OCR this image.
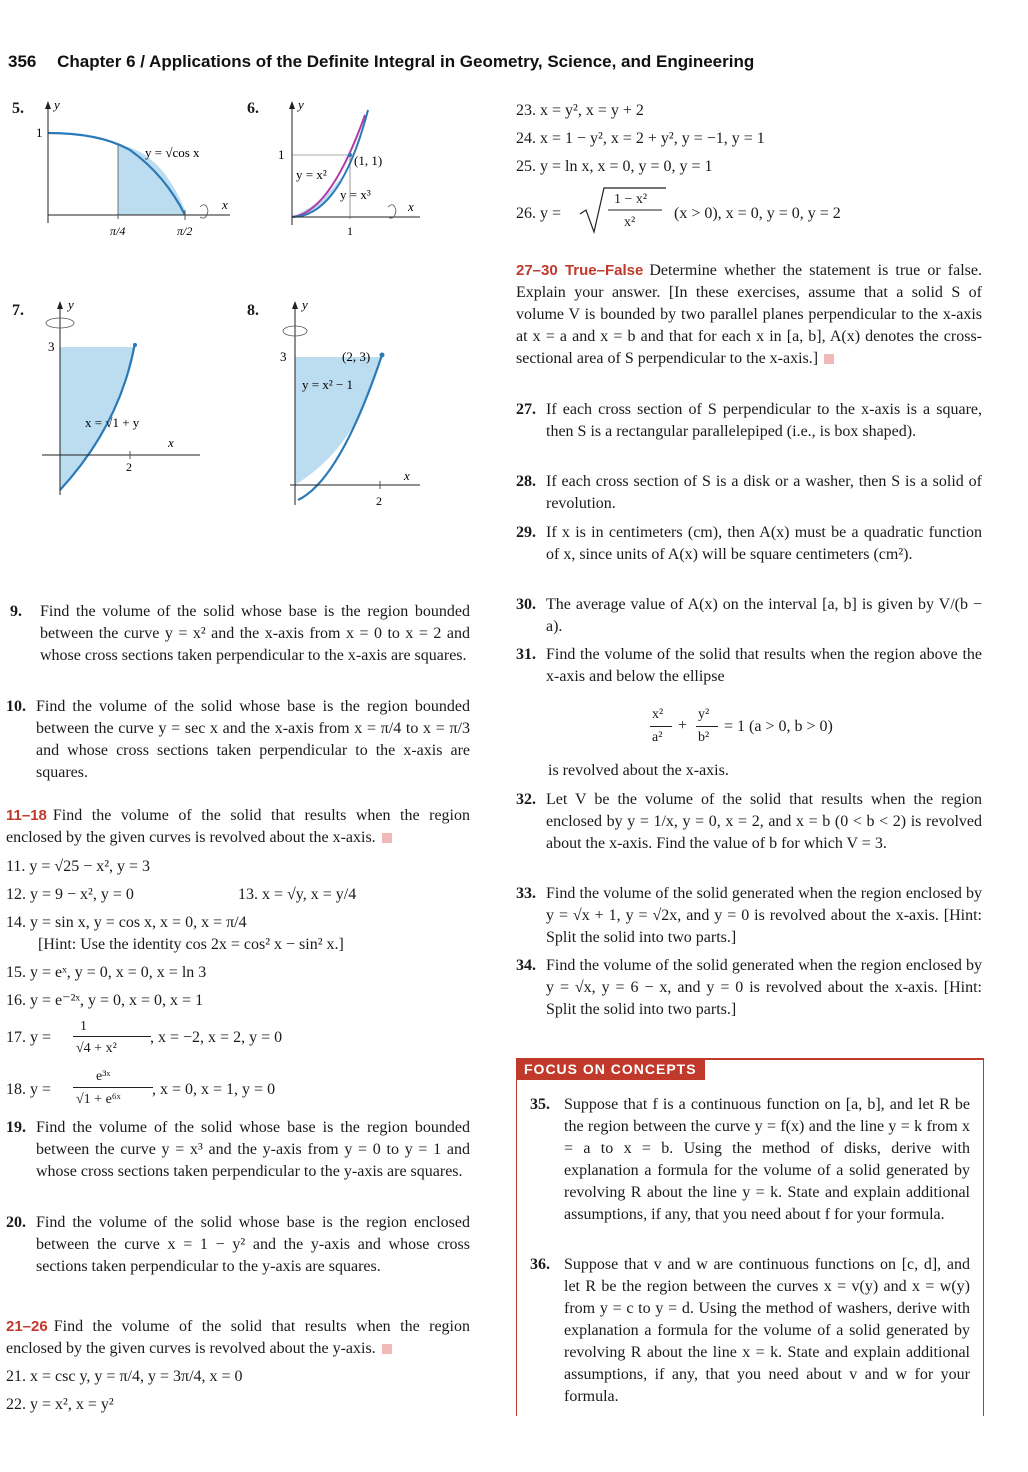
356 Chapter 6 / Applications of the Definite Integral in Geometry, Science, and Engineering
5. y
1
y = √cos x
π/4	π/2
x
6.	y
1
y = x²
y = x³
(1, 1)
1
x
7.	y
3
x = √1 + y
2
x
8.	y
3	(2, 3)
y = x² − 1
2
x
9. Find the volume of the solid whose base is the region bounded between the curve y = x² and the x-axis from x = 0 to x = 2 and whose cross sections taken perpendicular to the x-axis are squares.
10. Find the volume of the solid whose base is the region bounded between the curve y = sec x and the x-axis from x = π/4 to x = π/3 and whose cross sections taken perpendicular to the x-axis are squares.
11–18 Find the volume of the solid that results when the region enclosed by the given curves is revolved about the x-axis.
11. y = √25 − x², y = 3
12. y = 9 − x², y = 0	13. x = √y, x = y/4
14. y = sin x, y = cos x, x = 0, x = π/4
[Hint: Use the identity cos 2x = cos² x − sin² x.]
15. y = eˣ, y = 0, x = 0, x = ln 3
16. y = e⁻²ˣ, y = 0, x = 0, x = 1
17. y =
1
√4 + x²
, x = −2, x = 2, y = 0
18. y =
e³ˣ
√1 + e⁶ˣ
, x = 0, x = 1, y = 0
19. Find the volume of the solid whose base is the region bounded between the curve y = x³ and the y-axis from y = 0 to y = 1 and whose cross sections taken perpendicular to the y-axis are squares.
20. Find the volume of the solid whose base is the region enclosed between the curve x = 1 − y² and the y-axis and whose cross sections taken perpendicular to the y-axis are squares.
21–26 Find the volume of the solid that results when the region enclosed by the given curves is revolved about the y-axis.
21. x = csc y, y = π/4, y = 3π/4, x = 0
22. y = x², x = y²
23. x = y², x = y + 2
24. x = 1 − y², x = 2 + y², y = −1, y = 1
25. y = ln x, x = 0, y = 0, y = 1
26. y =
1 − x²
x²
(x > 0), x = 0, y = 0, y = 2
27–30 True–False Determine whether the statement is true or false. Explain your answer. [In these exercises, assume that a solid S of volume V is bounded by two parallel planes perpendicular to the x-axis at x = a and x = b and that for each x in [a, b], A(x) denotes the cross-sectional area of S perpendicular to the x-axis.]
27. If each cross section of S perpendicular to the x-axis is a square, then S is a rectangular parallelepiped (i.e., is box shaped).
28. If each cross section of S is a disk or a washer, then S is a solid of revolution.
29. If x is in centimeters (cm), then A(x) must be a quadratic function of x, since units of A(x) will be square centimeters (cm²).
30. The average value of A(x) on the interval [a, b] is given by V/(b − a).
31. Find the volume of the solid that results when the region above the x-axis and below the ellipse
x²
a²
+
y²
b²
= 1 (a > 0, b > 0)
is revolved about the x-axis.
32. Let V be the volume of the solid that results when the region enclosed by y = 1/x, y = 0, x = 2, and x = b (0 < b < 2) is revolved about the x-axis. Find the value of b for which V = 3.
33. Find the volume of the solid generated when the region enclosed by y = √x + 1, y = √2x, and y = 0 is revolved about the x-axis. [Hint: Split the solid into two parts.]
34. Find the volume of the solid generated when the region enclosed by y = √x, y = 6 − x, and y = 0 is revolved about the x-axis. [Hint: Split the solid into two parts.]
FOCUS ON CONCEPTS
35. Suppose that f is a continuous function on [a, b], and let R be the region between the curve y = f(x) and the line y = k from x = a to x = b. Using the method of disks, derive with explanation a formula for the volume of a solid generated by revolving R about the line y = k. State and explain additional assumptions, if any, that you need about f for your formula.
36. Suppose that v and w are continuous functions on [c, d], and let R be the region between the curves x = v(y) and x = w(y) from y = c to y = d. Using the method of washers, derive with explanation a formula for the volume of a solid generated by revolving R about the line x = k. State and explain additional assumptions, if any, that you need about v and w for your formula.
